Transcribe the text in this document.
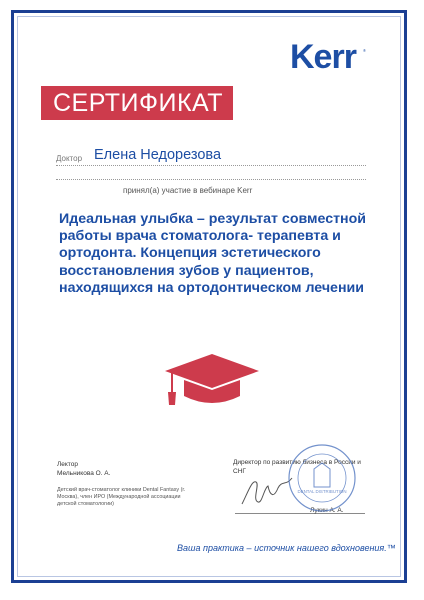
Kerr ®
СЕРТИФИКАТ
Доктор Елена Недорезова
принял(а) участие в вебинаре Kerr
Идеальная улыбка – результат совместной работы врача стоматолога- терапевта и ортодонта. Концепция эстетического восстановления зубов у пациентов, находящихся на ортодонтическом лечении
Лектор
Мельникова О. А.
Детский врач-стоматолог клиники Dental Fantasy (г. Москва), член ИРО (Международной ассоциации детской стоматологии)
Директор по развитию бизнеса в России и СНГ
Лукин А. А.
DENTAL DISTRIBUTION
Ваша практика – источник нашего вдохновения.™
